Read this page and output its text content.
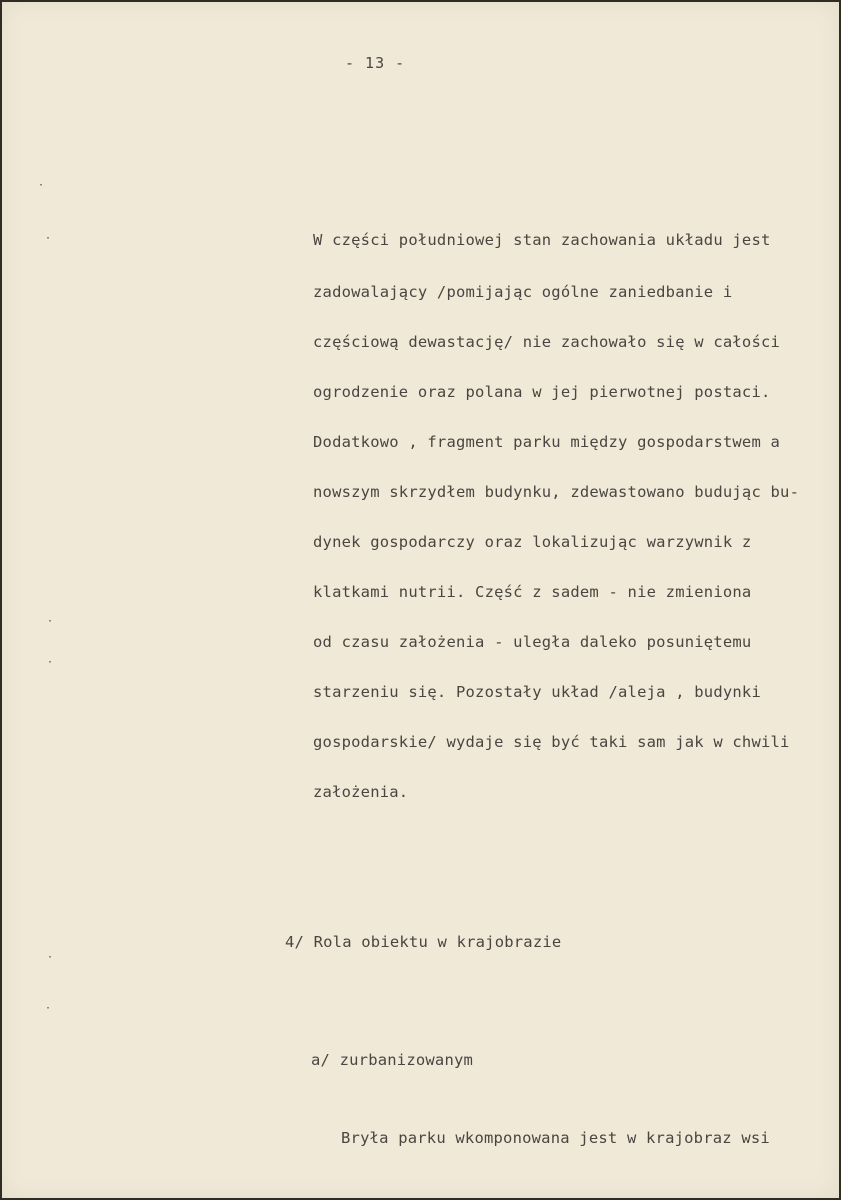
- 13 -
·
·
·
·
·
·
W części południowej stan zachowania układu jest
zadowalający /pomijając ogólne zaniedbanie i
częściową dewastację/ nie zachowało się w całości
ogrodzenie oraz polana w jej pierwotnej postaci.
Dodatkowo , fragment parku między gospodarstwem a
nowszym skrzydłem budynku, zdewastowano budując bu-
dynek gospodarczy oraz lokalizując warzywnik z
klatkami nutrii. Część z sadem - nie zmieniona
od czasu założenia - uległa daleko posuniętemu
starzeniu się. Pozostały układ /aleja , budynki
gospodarskie/ wydaje się być taki sam jak w chwili
założenia.
4/ Rola obiektu w krajobrazie
a/ zurbanizowanym
Bryła parku wkomponowana jest w krajobraz wsi
